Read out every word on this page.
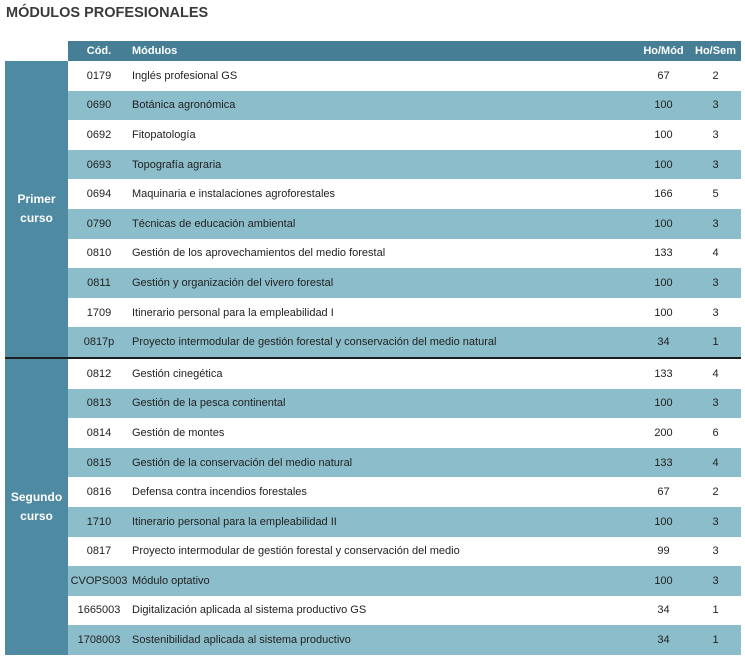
MÓDULOS PROFESIONALES
	Cód.	Módulos	Ho/Mód	Ho/Sem
Primer curso	0179	Inglés profesional GS	67	2
	0690	Botánica agronómica	100	3
	0692	Fitopatología	100	3
	0693	Topografía agraria	100	3
	0694	Maquinaria e instalaciones agroforestales	166	5
	0790	Técnicas de educación ambiental	100	3
	0810	Gestión de los aprovechamientos del medio forestal	133	4
	0811	Gestión y organización del vivero forestal	100	3
	1709	Itinerario personal para la empleabilidad I	100	3
	0817p	Proyecto intermodular de gestión forestal y conservación del medio natural	34	1
Segundo curso	0812	Gestión cinegética	133	4
	0813	Gestión de la pesca continental	100	3
	0814	Gestión de montes	200	6
	0815	Gestión de la conservación del medio natural	133	4
	0816	Defensa contra incendios forestales	67	2
	1710	Itinerario personal para la empleabilidad II	100	3
	0817	Proyecto intermodular de gestión forestal y conservación del medio	99	3
	CVOPS003	Módulo optativo	100	3
	1665003	Digitalización aplicada al sistema productivo GS	34	1
	1708003	Sostenibilidad aplicada al sistema productivo	34	1
